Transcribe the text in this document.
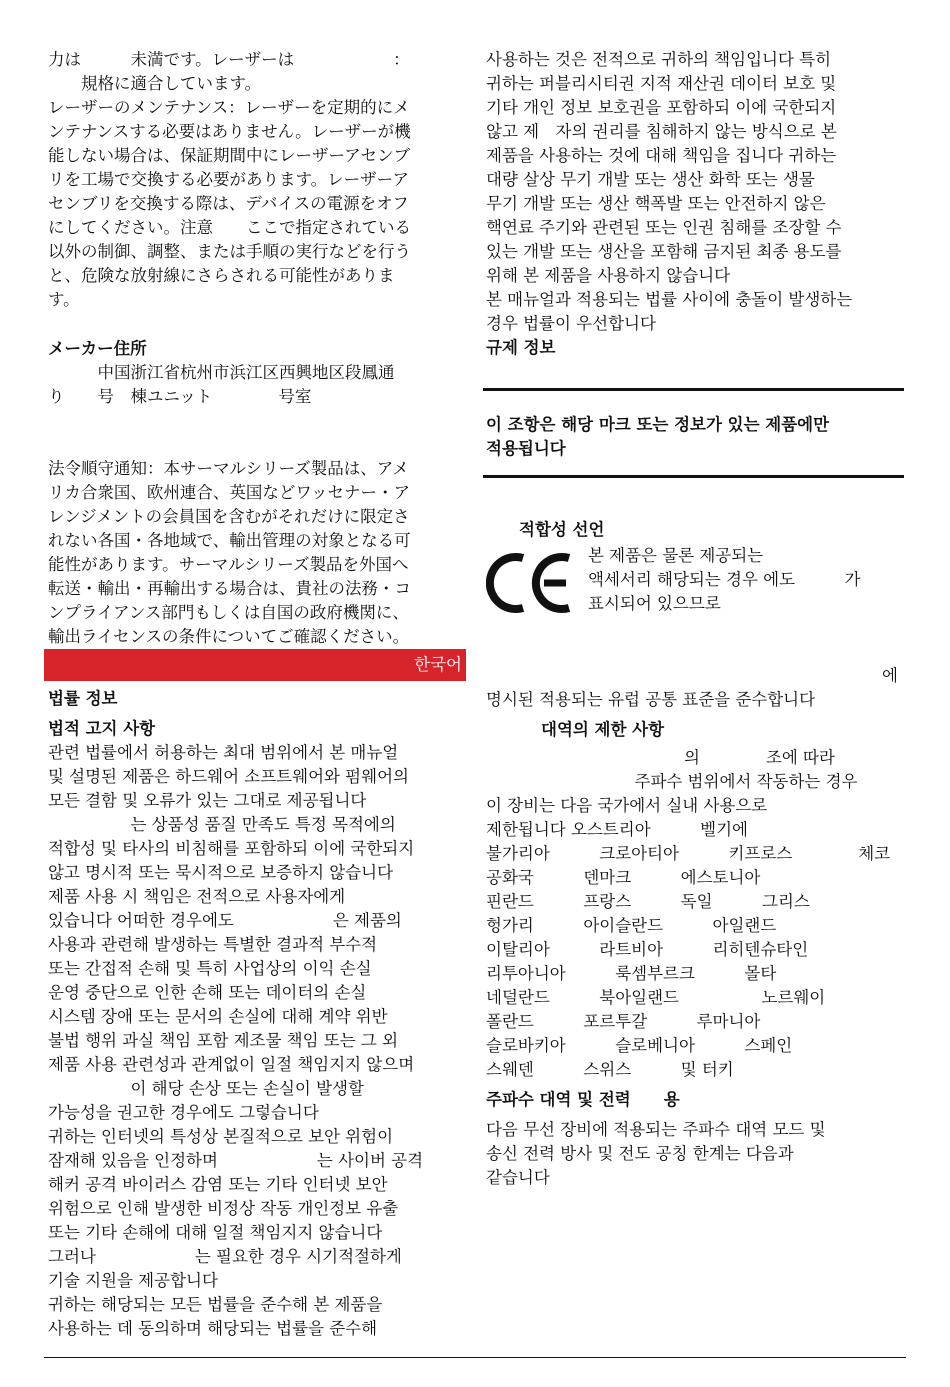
力は　　　未満です。レーザーは　　　　　　：
　　規格に適合しています。
レーザーのメンテナンス：レーザーを定期的にメ
ンテナンスする必要はありません。レーザーが機
能しない場合は、保証期間中にレーザーアセンブ
リを工場で交換する必要があります。レーザーア
センブリを交換する際は、デバイスの電源をオフ
にしてください。注意　　ここで指定されている
以外の制御、調整、または手順の実行などを行う
と、危険な放射線にさらされる可能性がありま
す。
メーカー住所
　　　中国浙江省杭州市浜江区西興地区段鳳通
り　　号　棟ユニット　　　　号室
法令順守通知：本サーマルシリーズ製品は、アメ
リカ合衆国、欧州連合、英国などワッセナー・ア
レンジメントの会員国を含むがそれだけに限定さ
れない各国・各地域で、輸出管理の対象となる可
能性があります。サーマルシリーズ製品を外国へ
転送・輸出・再輸出する場合は、貴社の法務・コ
ンプライアンス部門もしくは自国の政府機関に、
輸出ライセンスの条件についてご確認ください。
한국어
법률 정보
법적 고지 사항
관련 법률에서 허용하는 최대 범위에서 본 매뉴얼
및 설명된 제품은 하드웨어 소프트웨어와 펌웨어의
모든 결함 및 오류가 있는 그대로 제공됩니다
　　　　　는 상품성 품질 만족도 특정 목적에의
적합성 및 타사의 비침해를 포함하되 이에 국한되지
않고 명시적 또는 묵시적으로 보증하지 않습니다
제품 사용 시 책임은 전적으로 사용자에게
있습니다 어떠한 경우에도　　　　　　은 제품의
사용과 관련해 발생하는 특별한 결과적 부수적
또는 간접적 손해 및 특히 사업상의 이익 손실
운영 중단으로 인한 손해 또는 데이터의 손실
시스템 장애 또는 문서의 손실에 대해 계약 위반
불법 행위 과실 책임 포함 제조물 책임 또는 그 외
제품 사용 관련성과 관계없이 일절 책임지지 않으며
　　　　　이 해당 손상 또는 손실이 발생할
가능성을 권고한 경우에도 그렇습니다
귀하는 인터넷의 특성상 본질적으로 보안 위험이
잠재해 있음을 인정하며　　　　　　는 사이버 공격
해커 공격 바이러스 감염 또는 기타 인터넷 보안
위험으로 인해 발생한 비정상 작동 개인정보 유출
또는 기타 손해에 대해 일절 책임지지 않습니다
그러나　　　　　　는 필요한 경우 시기적절하게
기술 지원을 제공합니다
귀하는 해당되는 모든 법률을 준수해 본 제품을
사용하는 데 동의하며 해당되는 법률을 준수해
사용하는 것은 전적으로 귀하의 책임입니다 특히
귀하는 퍼블리시티권 지적 재산권 데이터 보호 및
기타 개인 정보 보호권을 포함하되 이에 국한되지
않고 제　자의 권리를 침해하지 않는 방식으로 본
제품을 사용하는 것에 대해 책임을 집니다 귀하는
대량 살상 무기 개발 또는 생산 화학 또는 생물
무기 개발 또는 생산 핵폭발 또는 안전하지 않은
핵연료 주기와 관련된 또는 인권 침해를 조장할 수
있는 개발 또는 생산을 포함해 금지된 최종 용도를
위해 본 제품을 사용하지 않습니다
본 매뉴얼과 적용되는 법률 사이에 충돌이 발생하는
경우 법률이 우선합니다
규제 정보
이 조항은 해당 마크 또는 정보가 있는 제품에만
적용됩니다
적합성 선언
본 제품은 물론 제공되는
액세서리 해당되는 경우 에도　　　가
표시되어 있으므로
　　　　　　　　　　　　　　　　　　　　　　　　에
명시된 적용되는 유럽 공통 표준을 준수합니다
대역의 제한 사항
　　　　　　　　　　　　의　　　　조에 따라
　　　　　　　　　주파수 범위에서 작동하는 경우
이 장비는 다음 국가에서 실내 사용으로
제한됩니다 오스트리아　　　벨기에
불가리아　　　크로아티아　　　키프로스　　　　체코
공화국　　　덴마크　　　에스토니아
핀란드　　　프랑스　　　독일　　　그리스
헝가리　　　아이슬란드　　　아일랜드
이탈리아　　　라트비아　　　리히텐슈타인
리투아니아　　　룩셈부르크　　　몰타
네덜란드　　　북아일랜드　　　　　노르웨이
폴란드　　　포르투갈　　　루마니아
슬로바키아　　　슬로베니아　　　스페인
스웨덴　　　스위스　　　및 터키
주파수 대역 및 전력　　용
다음 무선 장비에 적용되는 주파수 대역 모드 및
송신 전력 방사 및 전도 공칭 한계는 다음과
같습니다
